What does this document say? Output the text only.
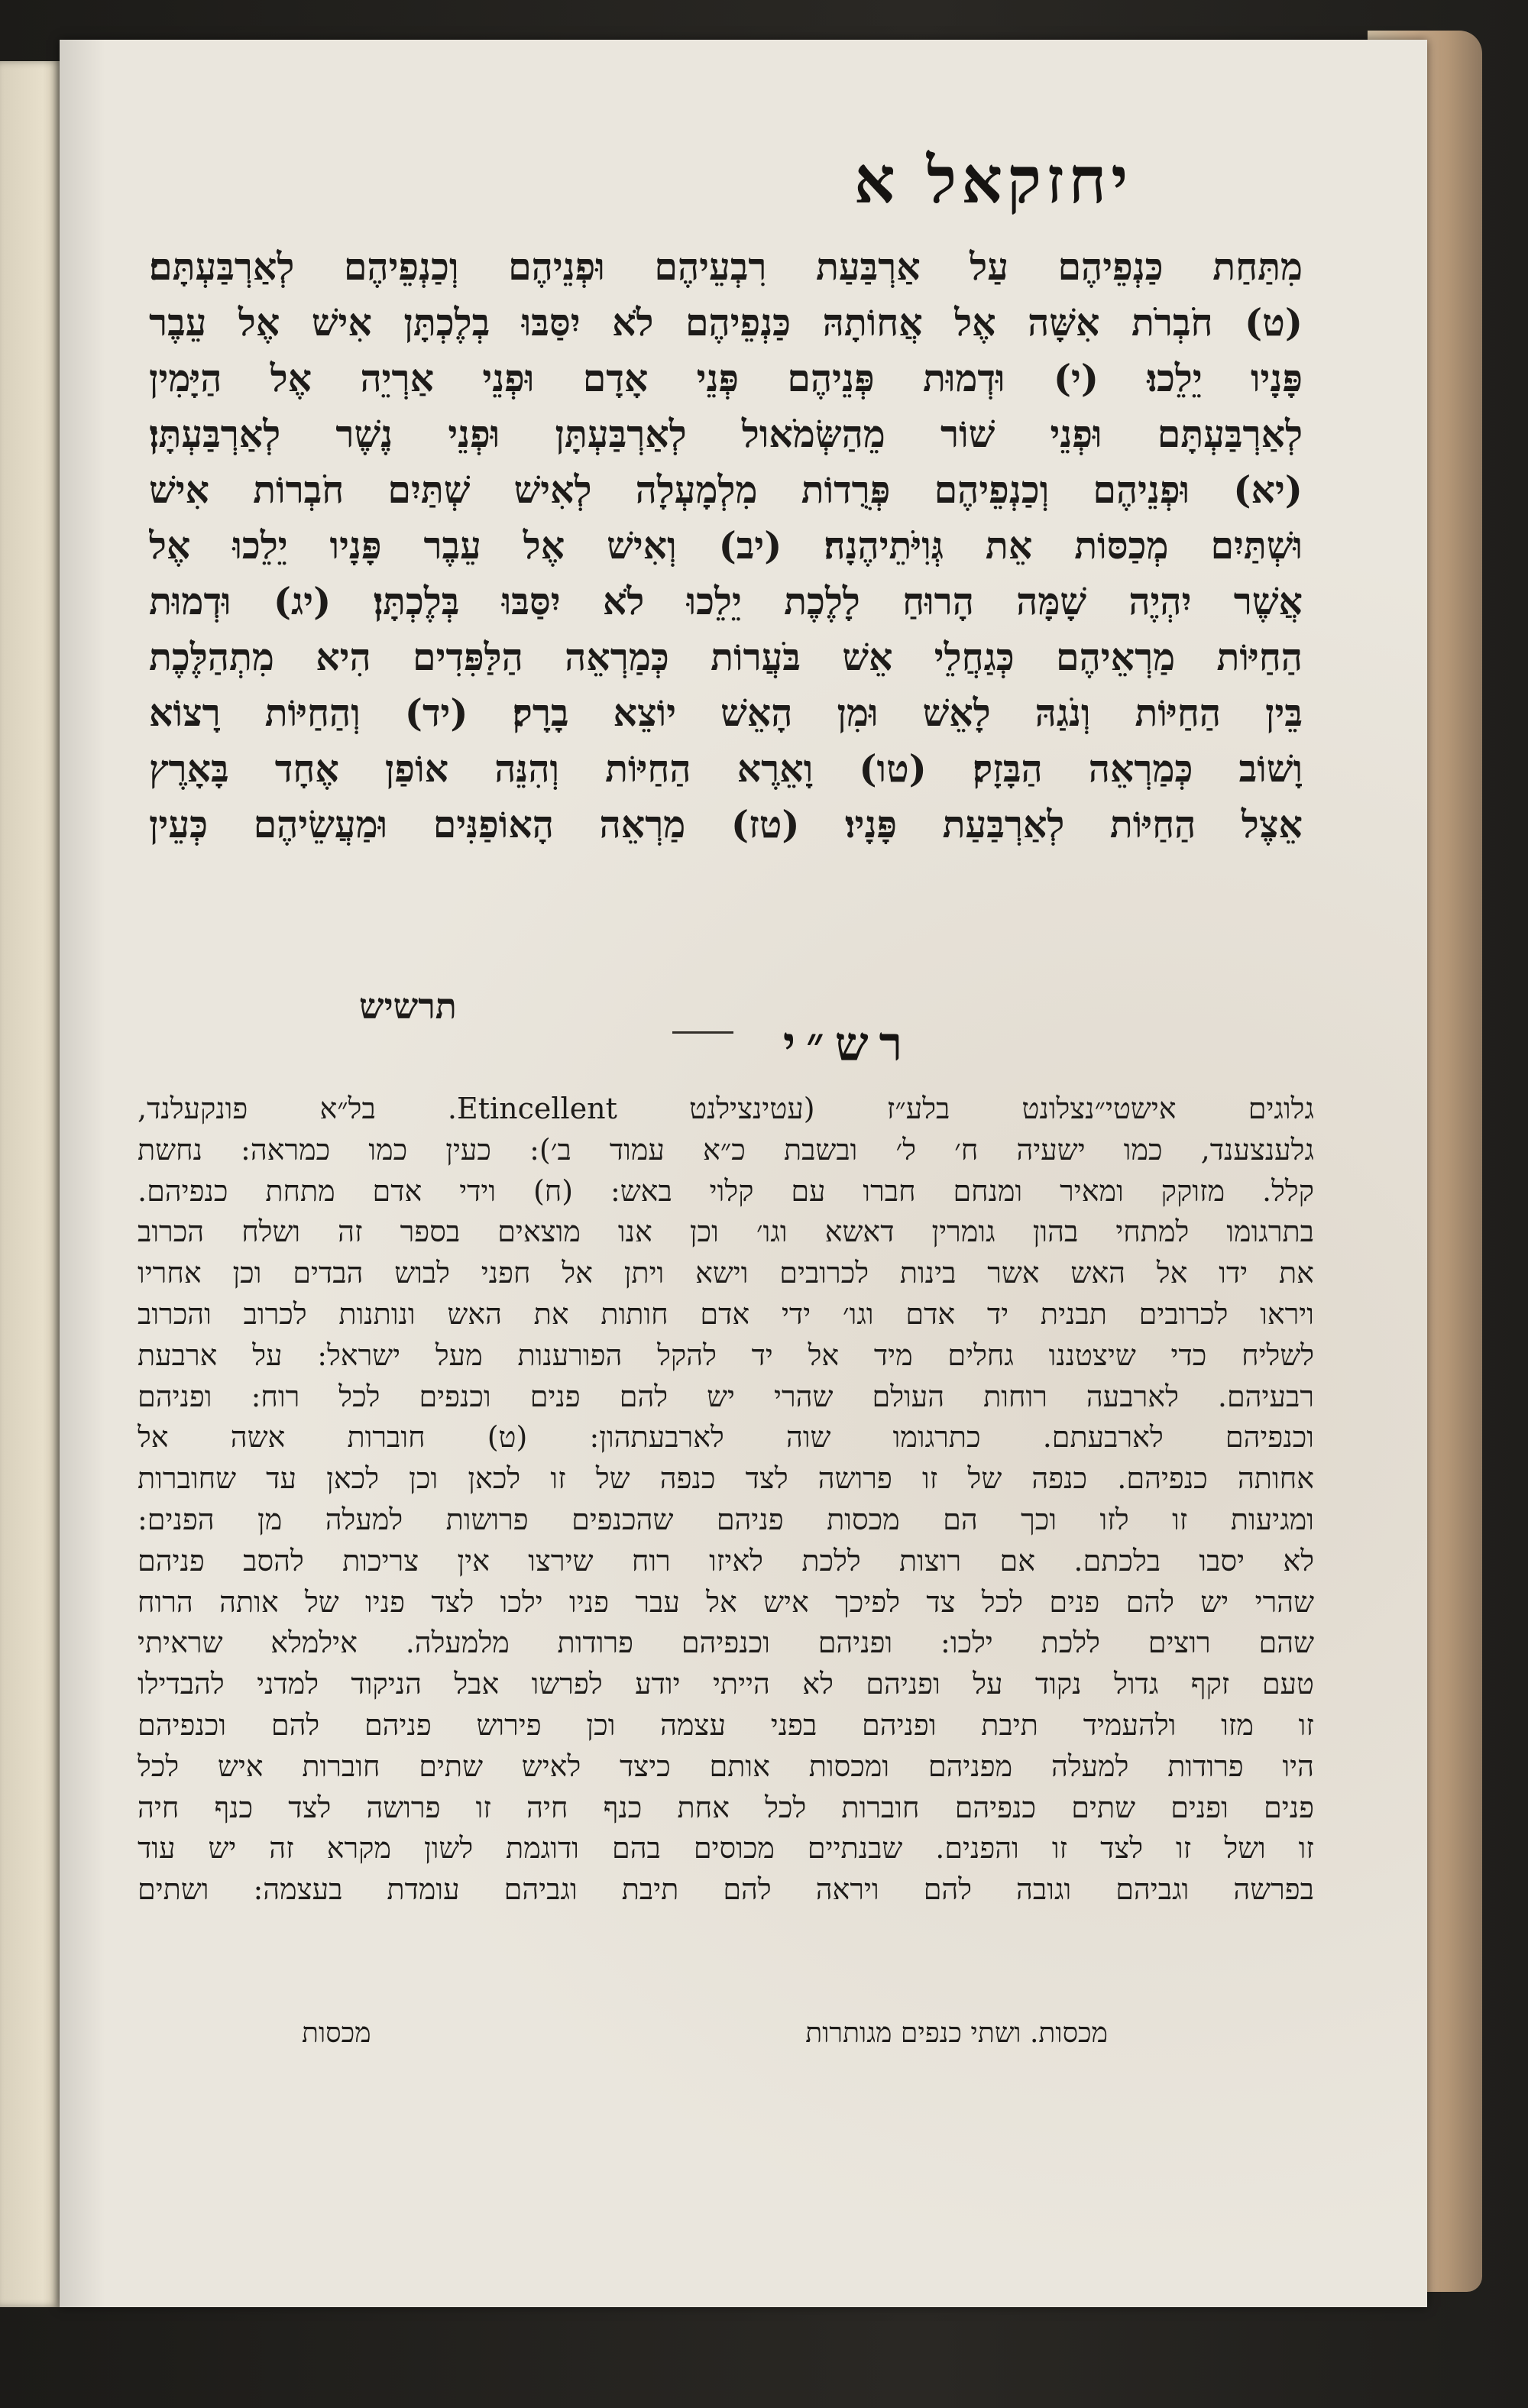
יחזקאל א
מִתַּחַת כַּנְפֵיהֶם עַל אַרְבַּעַת רִבְעֵיהֶם וּפְנֵיהֶם וְכַנְפֵיהֶם לְאַרְבַּעְתָּם׃
(ט) חֹבְרֹת אִשָּׁה אֶל אֲחוֹתָהּ כַּנְפֵיהֶם לֹא יִסַּבּוּ בְלֶכְתָּן אִישׁ אֶל עֵבֶר
פָּנָיו יֵלֵכוּ׃ (י) וּדְמוּת פְּנֵיהֶם פְּנֵי אָדָם וּפְנֵי אַרְיֵה אֶל הַיָּמִין
לְאַרְבַּעְתָּם וּפְנֵי שׁוֹר מֵהַשְּׂמֹאול לְאַרְבַּעְתָּן וּפְנֵי נֶשֶׁר לְאַרְבַּעְתָּן׃
(יא) וּפְנֵיהֶם וְכַנְפֵיהֶם פְּרֻדוֹת מִלְמָעְלָה לְאִישׁ שְׁתַּיִם חֹבְרוֹת אִישׁ
וּשְׁתַּיִם מְכַסּוֹת אֵת גְּוִיֹּתֵיהֶנָה׃ (יב) וְאִישׁ אֶל עֵבֶר פָּנָיו יֵלֵכוּ אֶל
אֲשֶׁר יִהְיֶה שָׁמָּה הָרוּחַ לָלֶכֶת יֵלֵכוּ לֹא יִסַּבּוּ בְּלֶכְתָּן׃ (יג) וּדְמוּת
הַחַיּוֹת מַרְאֵיהֶם כְּגַחֲלֵי אֵשׁ בֹּעֲרוֹת כְּמַרְאֵה הַלַּפִּדִים הִיא מִתְהַלֶּכֶת
בֵּין הַחַיּוֹת וְנֹגַהּ לָאֵשׁ וּמִן הָאֵשׁ יוֹצֵא בָרָק׃ (יד) וְהַחַיּוֹת רָצוֹא
וָשׁוֹב כְּמַרְאֵה הַבָּזָק׃ (טו) וָאֵרֶא הַחַיּוֹת וְהִנֵּה אוֹפַן אֶחָד בָּאָרֶץ
אֵצֶל הַחַיּוֹת לְאַרְבַּעַת פָּנָיו׃ (טז) מַרְאֵה הָאוֹפַנִּים וּמַעֲשֵׂיהֶם כְּעֵין
תרשיש
רש״י
גלוגים אישטי״נצלונט בלע״ז (עטינצילנט Etincellent. בל״א פונקעלנד,
גלענצענד, כמו ישעיה ח׳ ל׳ ובשבת כ״א עמוד ב׳): כעין כמו כמראה: נחשת
קלל. מזוקק ומאיר ומנחם חברו עם קלוי באש: (ח) וידי אדם מתחת כנפיהם.
בתרגומו למתחי בהון גומרין דאשא וגו׳ וכן אנו מוצאים בספר זה ושלח הכרוב
את ידו אל האש אשר בינות לכרובים וישא ויתן אל חפני לבוש הבדים וכן אחריו
ויראו לכרובים תבנית יד אדם וגו׳ ידי אדם חותות את האש ונותנות לכרוב והכרוב
לשליח כדי שיצטננו גחלים מיד אל יד להקל הפורענות מעל ישראל: על ארבעת
רבעיהם. לארבעה רוחות העולם שהרי יש להם פנים וכנפים לכל רוח: ופניהם
וכנפיהם לארבעתם. כתרגומו שוה לארבעתהון: (ט) חוברות אשה אל
אחותה כנפיהם. כנפה של זו פרושה לצד כנפה של זו לכאן וכן לכאן עד שחוברות
ומגיעות זו לזו וכך הם מכסות פניהם שהכנפים פרושות למעלה מן הפנים:
לא יסבו בלכתם. אם רוצות ללכת לאיזו רוח שירצו אין צריכות להסב פניהם
שהרי יש להם פנים לכל צד לפיכך איש אל עבר פניו ילכו לצד פניו של אותה הרוח
שהם רוצים ללכת ילכו: ופניהם וכנפיהם פרודות מלמעלה. אילמלא שראיתי
טעם זקף גדול נקוד על ופניהם לא הייתי יודע לפרשו אבל הניקוד למדני להבדילו
זו מזו ולהעמיד תיבת ופניהם בפני עצמה וכן פירוש פניהם להם וכנפיהם
היו פרודות למעלה מפניהם ומכסות אותם כיצד לאיש שתים חוברות איש לכל
פנים ופנים שתים כנפיהם חוברות לכל אחת כנף חיה זו פרושה לצד כנף חיה
זו ושל זו לצד זו והפנים. שבנתיים מכוסים בהם ודוגמת לשון מקרא זה יש עוד
בפרשה וגביהם וגובה להם ויראה להם תיבת וגביהם עומדת בעצמה: ושתים
מכסות	מכסות. ושתי כנפים מגותרות
